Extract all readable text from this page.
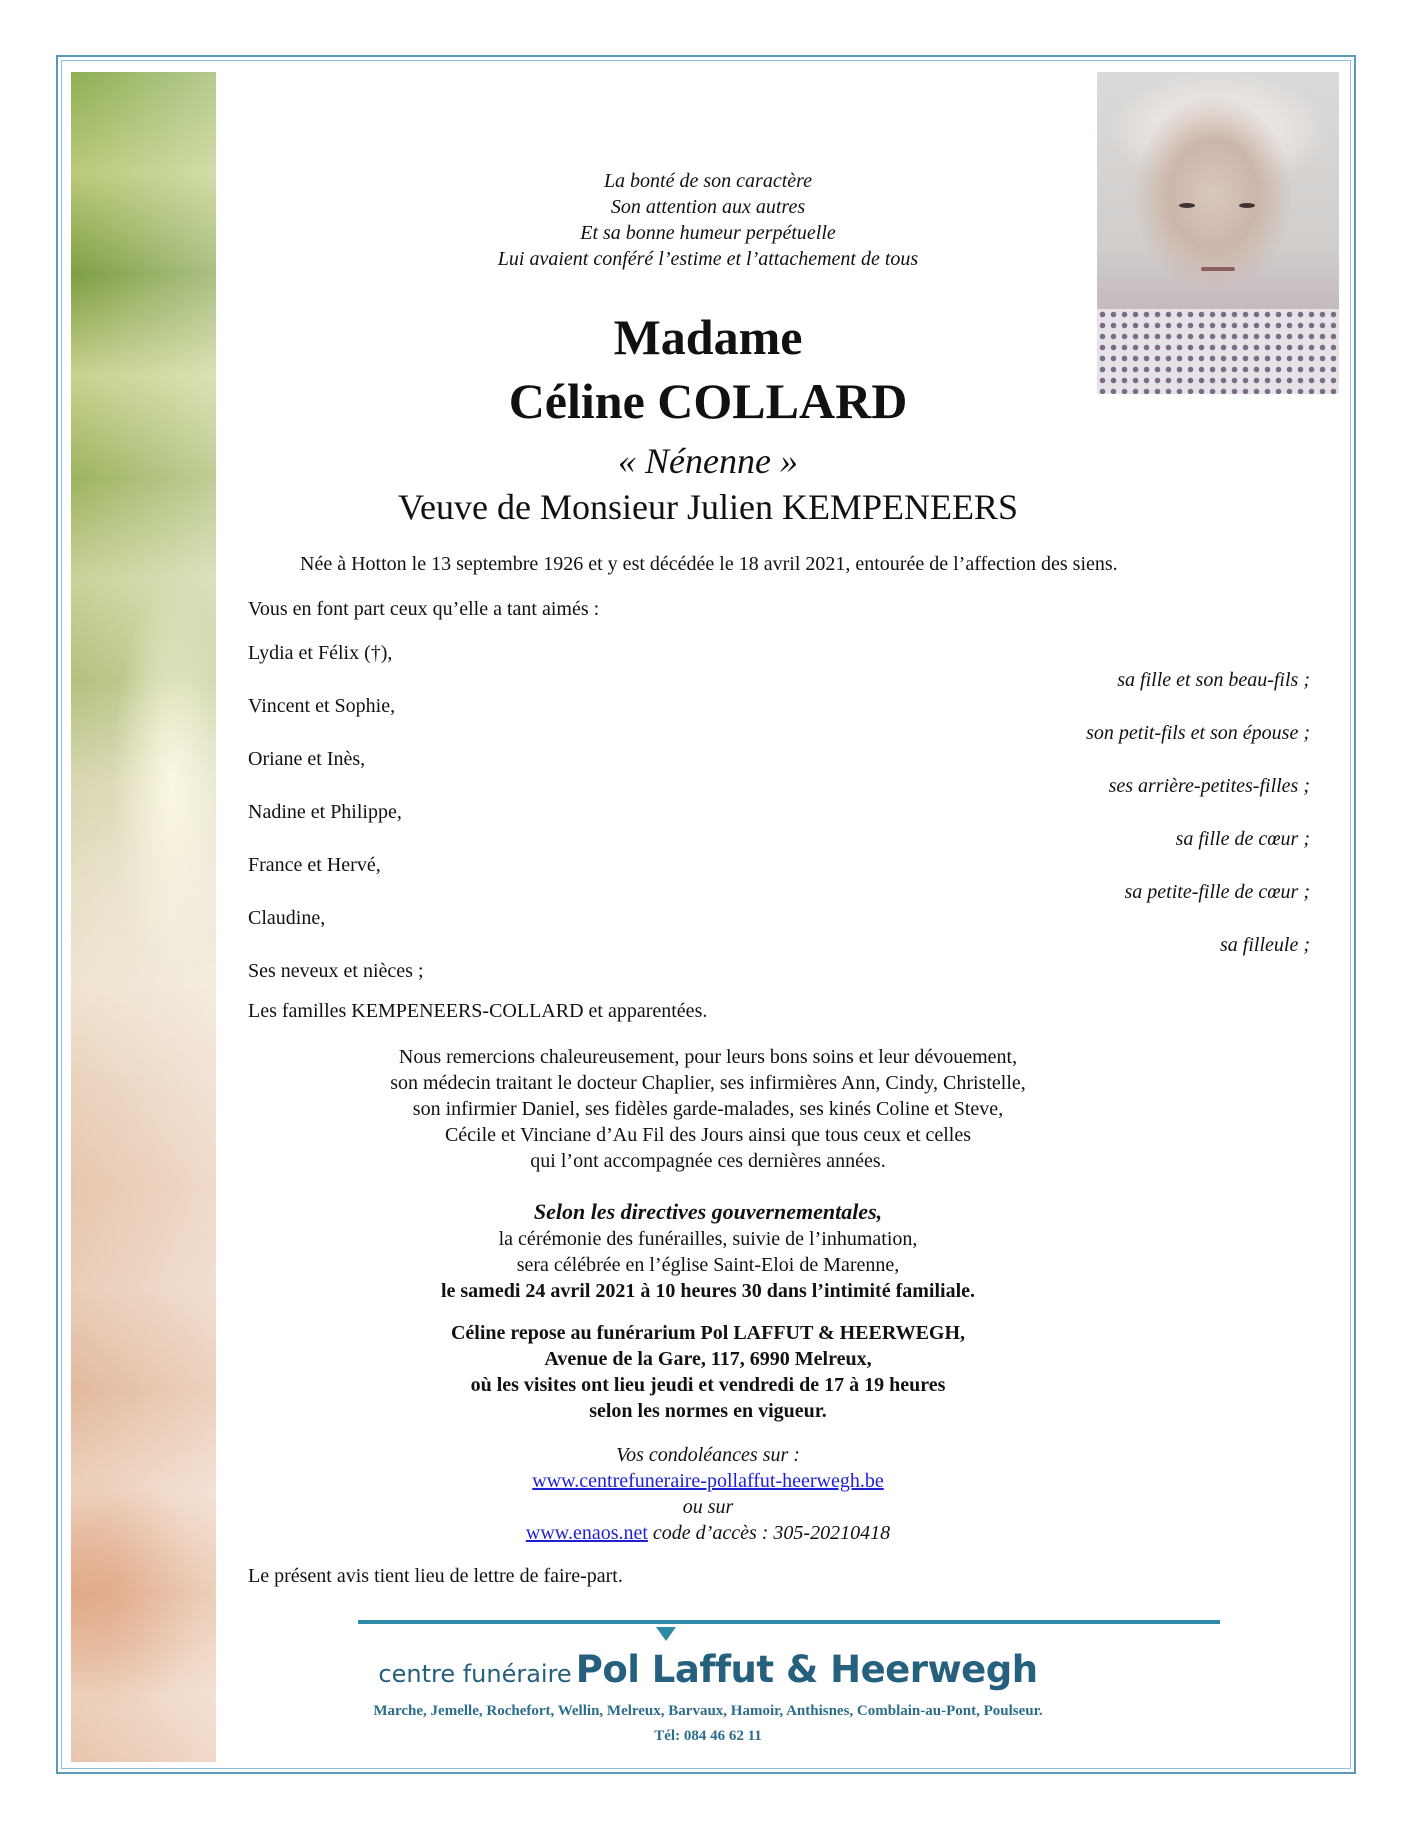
La bonté de son caractère
Son attention aux autres
Et sa bonne humeur perpétuelle
Lui avaient conféré l’estime et l’attachement de tous
Madame
Céline COLLARD
« Nénenne »
Veuve de Monsieur Julien KEMPENEERS
Née à Hotton le 13 septembre 1926 et y est décédée le 18 avril 2021, entourée de l’affection des siens.
Vous en font part ceux qu’elle a tant aimés :
Lydia et Félix (†),
sa fille et son beau-fils ;
Vincent et Sophie,
son petit-fils et son épouse ;
Oriane et Inès,
ses arrière-petites-filles ;
Nadine et Philippe,
sa fille de cœur ;
France et Hervé,
sa petite-fille de cœur ;
Claudine,
sa filleule ;
Ses neveux et nièces ;
Les familles KEMPENEERS-COLLARD et apparentées.
Nous remercions chaleureusement, pour leurs bons soins et leur dévouement,
son médecin traitant le docteur Chaplier, ses infirmières Ann, Cindy, Christelle,
son infirmier Daniel, ses fidèles garde-malades, ses kinés Coline et Steve,
Cécile et Vinciane d’Au Fil des Jours ainsi que tous ceux et celles
qui l’ont accompagnée ces dernières années.
Selon les directives gouvernementales,
la cérémonie des funérailles, suivie de l’inhumation,
sera célébrée en l’église Saint-Eloi de Marenne,
le samedi 24 avril 2021 à 10 heures 30 dans l’intimité familiale.
Céline repose au funérarium Pol LAFFUT & HEERWEGH,
Avenue de la Gare, 117, 6990 Melreux,
où les visites ont lieu jeudi et vendredi de 17 à 19 heures
selon les normes en vigueur.
Vos condoléances sur :
www.centrefuneraire-pollaffut-heerwegh.be
ou sur
www.enaos.net code d’accès : 305-20210418
Le présent avis tient lieu de lettre de faire-part.
centre funéraire Pol Laffut & Heerwegh
Marche, Jemelle, Rochefort, Wellin, Melreux, Barvaux, Hamoir, Anthisnes, Comblain-au-Pont, Poulseur.
Tél: 084 46 62 11
